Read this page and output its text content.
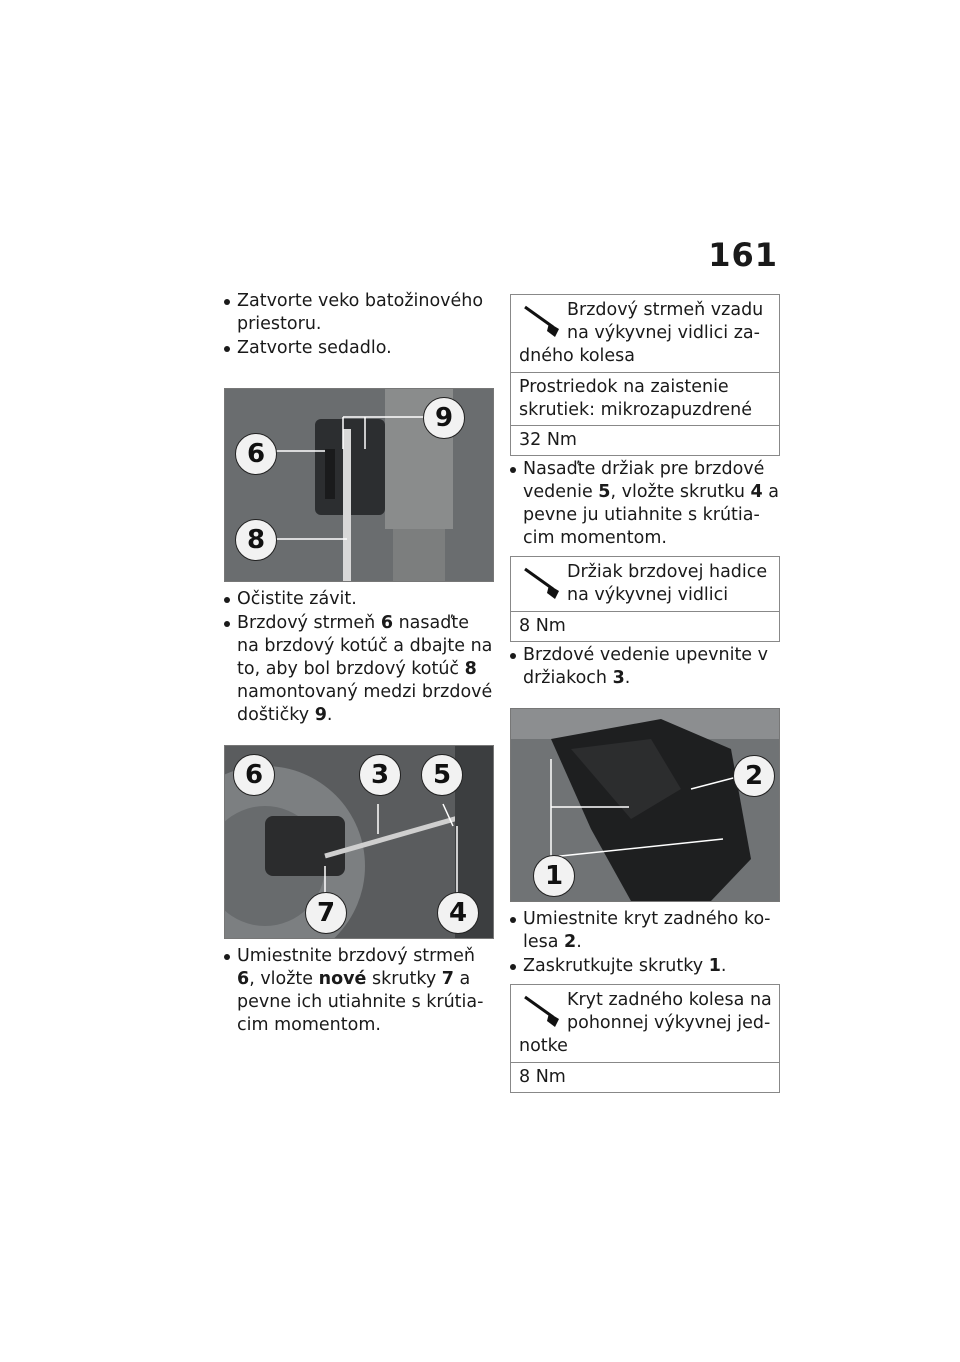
161
Zatvorte veko batožinového priestoru.
Zatvorte sedadlo.
6
9
8
Očistite závit.
Brzdový strmeň 6 nasaďte na brzdový kotúč a dbajte na to, aby bol brzdový kotúč 8 namontovaný medzi brzdové doštičky 9.
6	3	5
7	4
Umiestnite brzdový strmeň 6, vložte nové skrutky 7 a pevne ich utiahnite s krútiacim momentom.
Brzdový strmeň vzadu na výkyvnej vidlici zadného kolesa
Prostriedok na zaistenie skrutiek: mikrozapuzdrené
32 Nm
Nasaďte držiak pre brzdové vedenie 5, vložte skrutku 4 a pevne ju utiahnite s krútiacim momentom.
Držiak brzdovej hadice na výkyvnej vidlici
8 Nm
Brzdové vedenie upevnite v držiakoch 3.
2
1
Umiestnite kryt zadného kolesa 2.
Zaskrutkujte skrutky 1.
Kryt zadného kolesa na pohonnej výkyvnej jednotke
8 Nm
